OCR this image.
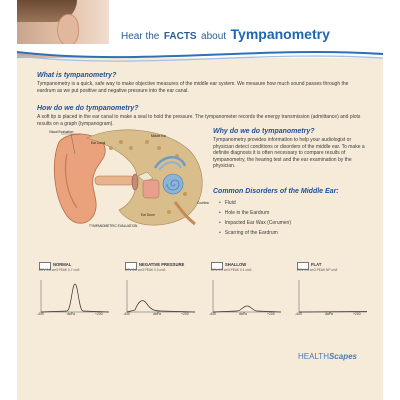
Hear the FACTS about Tympanometry
What is tympanometry?
Tympanometry is a quick, safe way to make objective measures of the middle ear system. We measure how much sound passes through the eardrum as we put positive and negative pressure into the ear canal.
How do we do tympanometry?
A soft tip is placed in the ear canal to make a seal to hold the pressure. The tympanometer records the energy transmission (admittance) and plots results on a graph (tympanogram).
Visual Evaluation
Ear Canal
Middle Ear
Cochlea
Ear Drum
TYMPANOMETRIC EVALUATION
Why do we do tympanometry?
Tympanometry provides information to help your audiologist or physician detect conditions or disorders of the middle ear. To make a definite diagnosis it is often necessary to compare results of tympanometry, the hearing test and the ear examination by the physician.
Common Disorders of the Middle Ear:
• Fluid
• Hole in the Eardrum
• Impacted Ear Wax (Cerumen)
• Scarring of the Eardrum
NORMAL
ECV 0.8 cm3 PEAK 0.7 cm3
-400	daPa	+200
NEGATIVE PRESSURE
ECV 0.8 cm3 PEAK 0.3 cm3
-400	daPa	+200
SHALLOW
ECV 0.9 cm3 PEAK 0.1 cm3
-400	daPa	+200
FLAT
ECV 0.8 cm3 PEAK NP cm3
-400	daPa	+200
HEALTHScapes
